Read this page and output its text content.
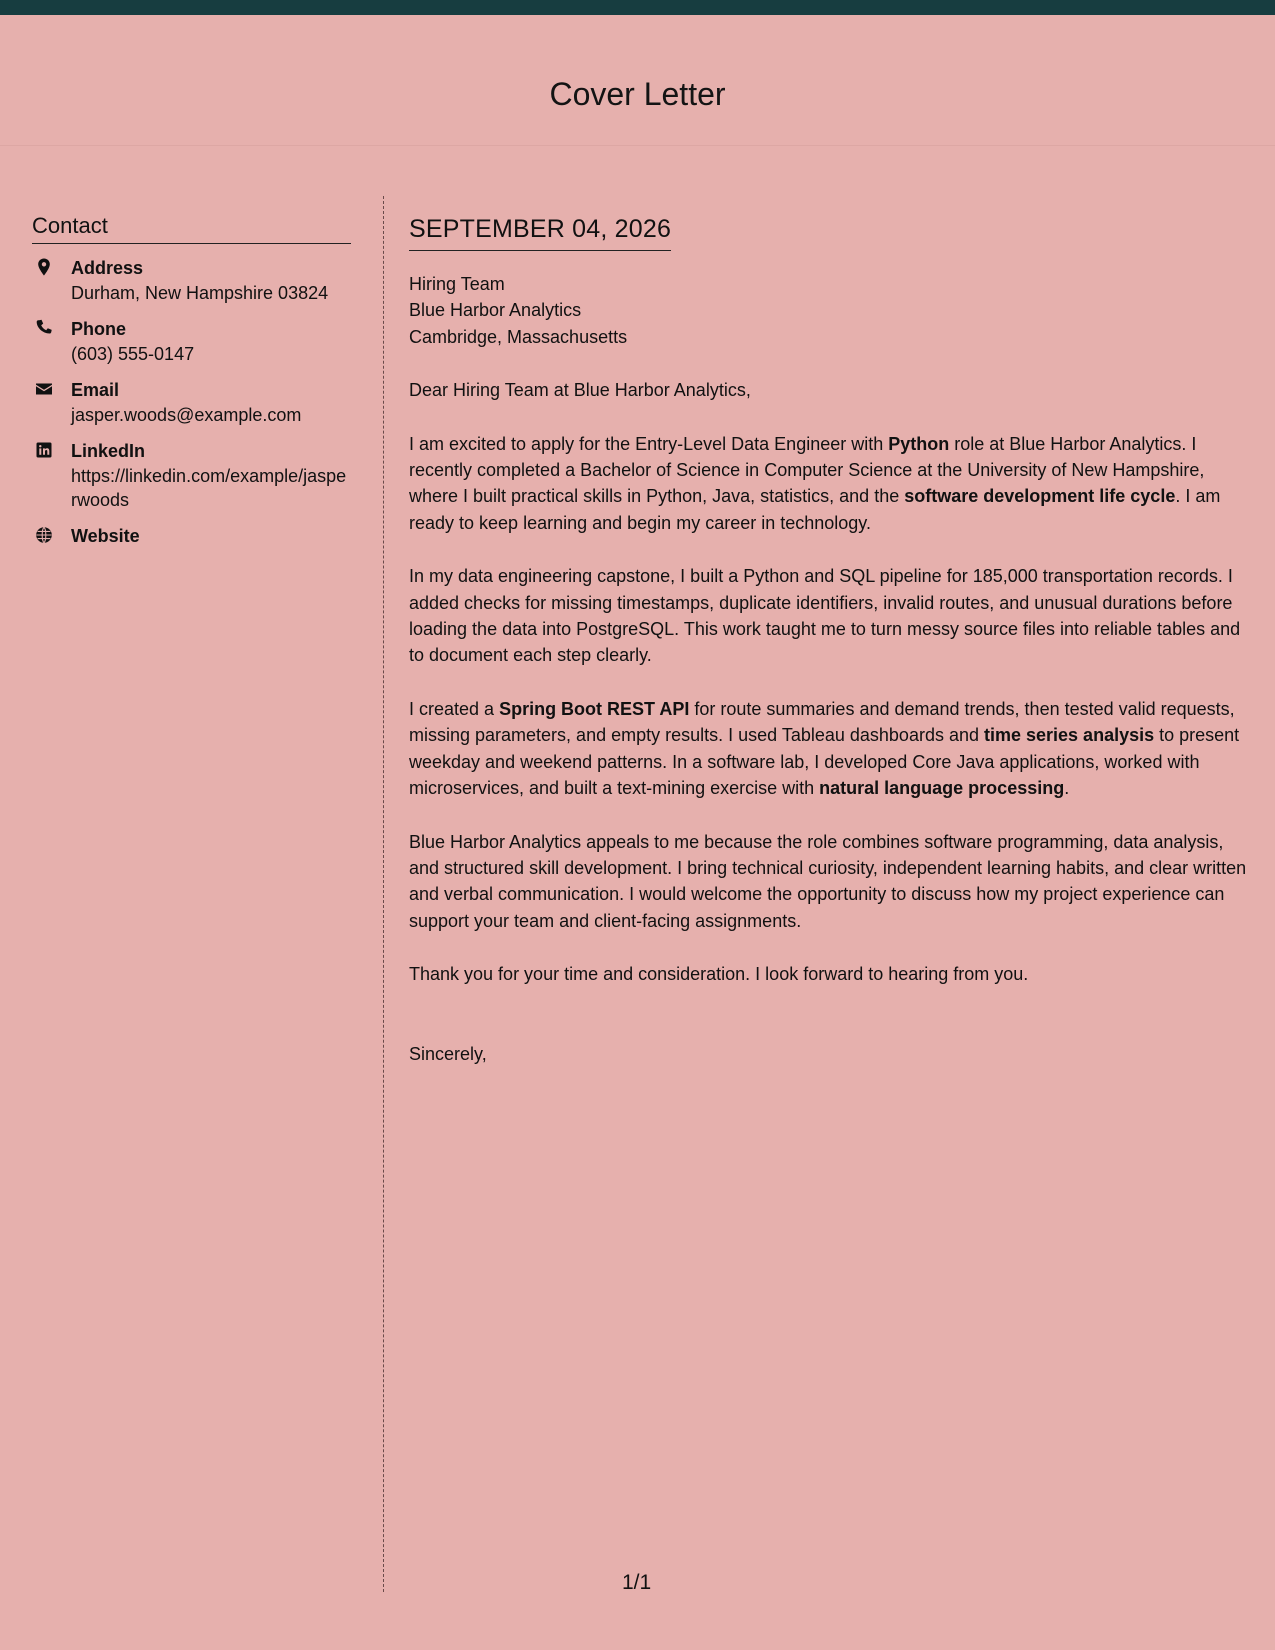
Cover Letter
Contact
Address
Durham, New Hampshire 03824
Phone
(603) 555-0147
Email
jasper.woods@example.com
LinkedIn
https://linkedin.com/example/jasperwoods
Website
SEPTEMBER 04, 2026
Hiring Team
Blue Harbor Analytics
Cambridge, Massachusetts
Dear Hiring Team at Blue Harbor Analytics,

I am excited to apply for the Entry-Level Data Engineer with Python role at Blue Harbor Analytics. I recently completed a Bachelor of Science in Computer Science at the University of New Hampshire, where I built practical skills in Python, Java, statistics, and the software development life cycle. I am ready to keep learning and begin my career in technology.

In my data engineering capstone, I built a Python and SQL pipeline for 185,000 transportation records. I added checks for missing timestamps, duplicate identifiers, invalid routes, and unusual durations before loading the data into PostgreSQL. This work taught me to turn messy source files into reliable tables and to document each step clearly.

I created a Spring Boot REST API for route summaries and demand trends, then tested valid requests, missing parameters, and empty results. I used Tableau dashboards and time series analysis to present weekday and weekend patterns. In a software lab, I developed Core Java applications, worked with microservices, and built a text-mining exercise with natural language processing.

Blue Harbor Analytics appeals to me because the role combines software programming, data analysis, and structured skill development. I bring technical curiosity, independent learning habits, and clear written and verbal communication. I would welcome the opportunity to discuss how my project experience can support your team and client-facing assignments.

Thank you for your time and consideration. I look forward to hearing from you.

Sincerely,
1/1
